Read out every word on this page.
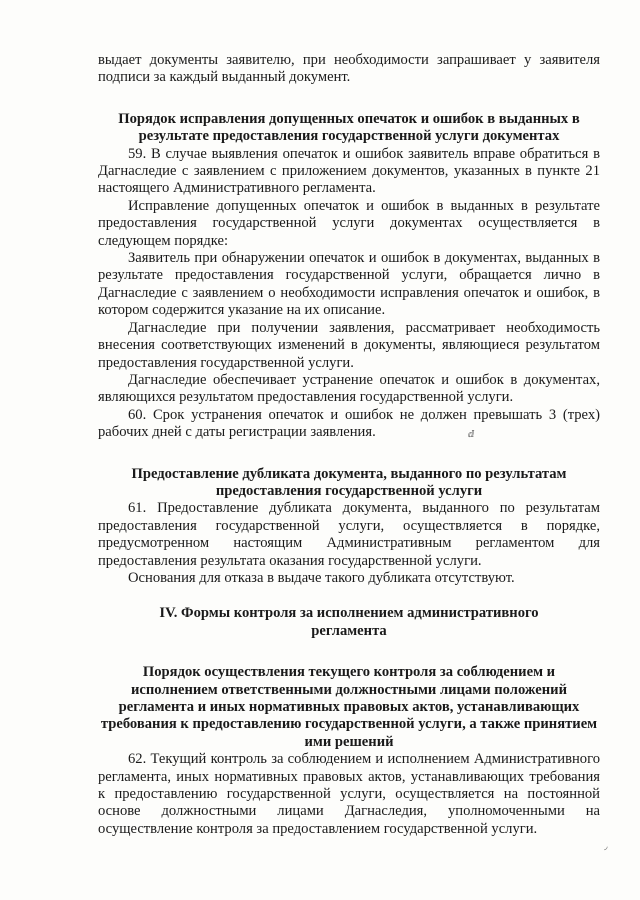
выдает документы заявителю, при необходимости запрашивает у заявителя подписи за каждый выданный документ.

Порядок исправления допущенных опечаток и ошибок в выданных в результате предоставления государственной услуги документах

59. В случае выявления опечаток и ошибок заявитель вправе обратиться в Дагнаследие с заявлением с приложением документов, указанных в пункте 21 настоящего Административного регламента.

Исправление допущенных опечаток и ошибок в выданных в результате предоставления государственной услуги документах осуществляется в следующем порядке:

Заявитель при обнаружении опечаток и ошибок в документах, выданных в результате предоставления государственной услуги, обращается лично в Дагнаследие с заявлением о необходимости исправления опечаток и ошибок, в котором содержится указание на их описание.

Дагнаследие при получении заявления, рассматривает необходимость внесения соответствующих изменений в документы, являющиеся результатом предоставления государственной услуги.

Дагнаследие обеспечивает устранение опечаток и ошибок в документах, являющихся результатом предоставления государственной услуги.

60. Срок устранения опечаток и ошибок не должен превышать 3 (трех) рабочих дней с даты регистрации заявления.

Предоставление дубликата документа, выданного по результатам предоставления государственной услуги

61. Предоставление дубликата документа, выданного по результатам предоставления государственной услуги, осуществляется в порядке, предусмотренном настоящим Административным регламентом для предоставления результата оказания государственной услуги.

Основания для отказа в выдаче такого дубликата отсутствуют.

IV. Формы контроля за исполнением административного регламента

Порядок осуществления текущего контроля за соблюдением и исполнением ответственными должностными лицами положений регламента и иных нормативных правовых актов, устанавливающих требования к предоставлению государственной услуги, а также принятием ими решений

62. Текущий контроль за соблюдением и исполнением Административного регламента, иных нормативных правовых актов, устанавливающих требования к предоставлению государственной услуги, осуществляется на постоянной основе должностными лицами Дагнаследия, уполномоченными на осуществление контроля за предоставлением государственной услуги.

ⅆ
◞
